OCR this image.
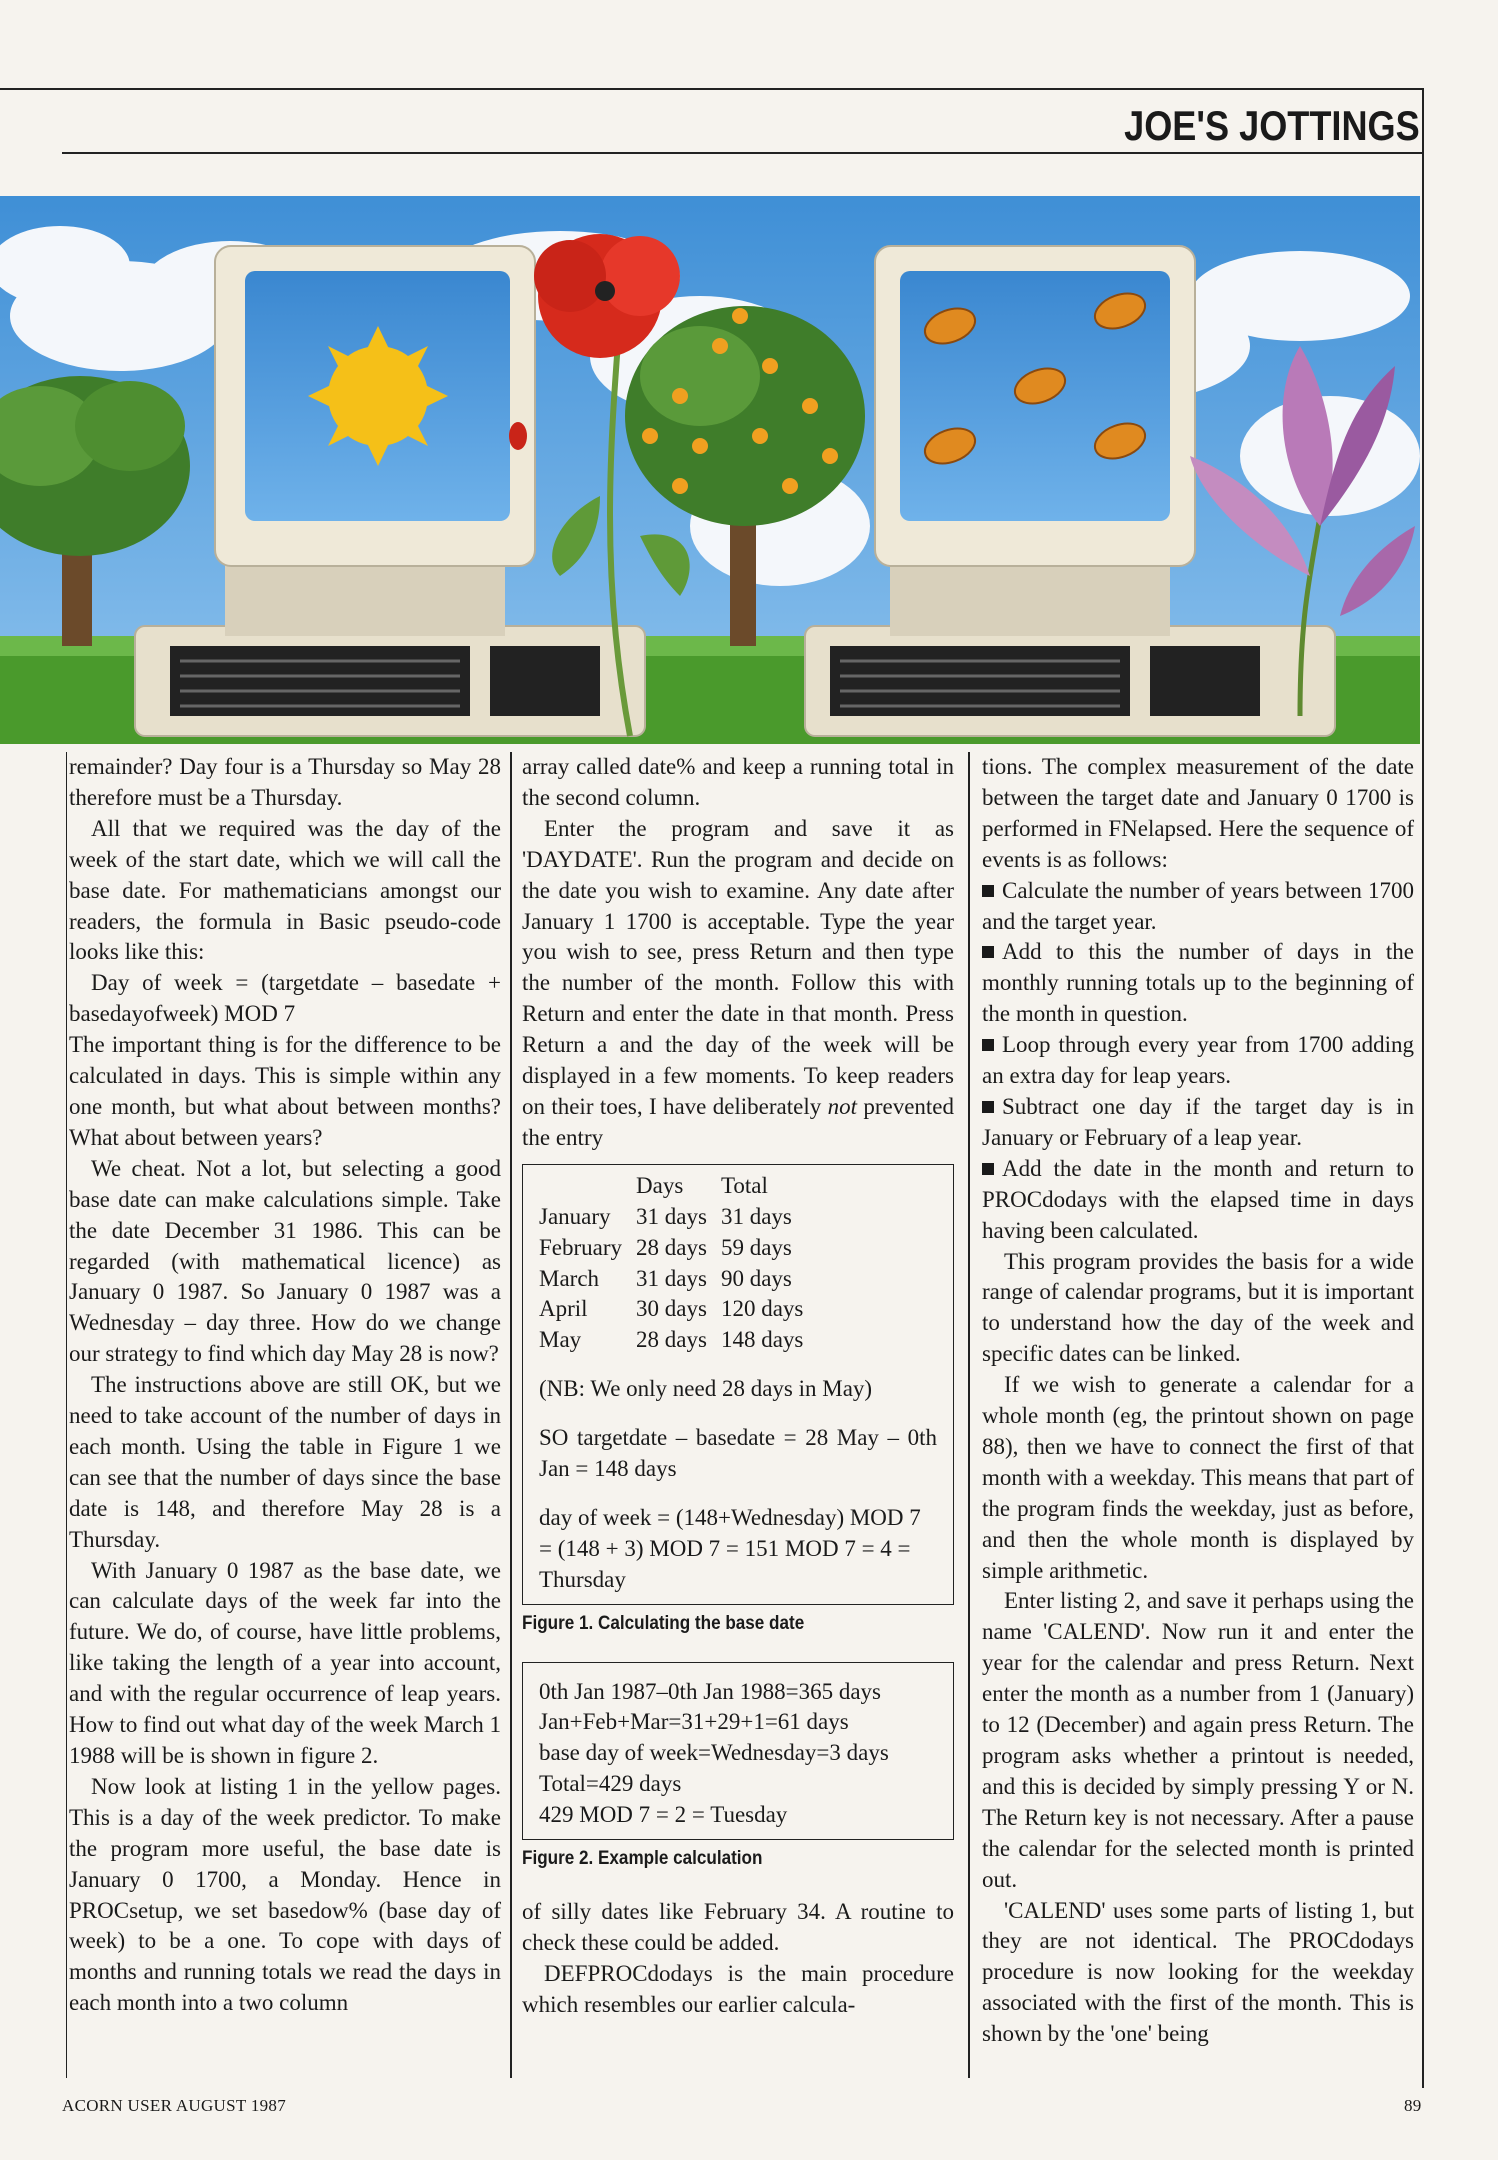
JOE'S JOTTINGS

remainder? Day four is a Thursday so May 28 therefore must be a Thursday.

All that we required was the day of the week of the start date, which we will call the base date. For mathematicians amongst our readers, the formula in Basic pseudo-code looks like this:

Day of week = (targetdate – basedate + basedayofweek) MOD 7

The important thing is for the difference to be calculated in days. This is simple within any one month, but what about between months? What about between years?

We cheat. Not a lot, but selecting a good base date can make calculations simple. Take the date December 31 1986. This can be regarded (with mathematical licence) as January 0 1987. So January 0 1987 was a Wednesday – day three. How do we change our strategy to find which day May 28 is now?

The instructions above are still OK, but we need to take account of the number of days in each month. Using the table in Figure 1 we can see that the number of days since the base date is 148, and therefore May 28 is a Thursday.

With January 0 1987 as the base date, we can calculate days of the week far into the future. We do, of course, have little problems, like taking the length of a year into account, and with the regular occurrence of leap years. How to find out what day of the week March 1 1988 will be is shown in figure 2.

Now look at listing 1 in the yellow pages. This is a day of the week predictor. To make the program more useful, the base date is January 0 1700, a Monday. Hence in PROCsetup, we set basedow% (base day of week) to be a one. To cope with days of months and running totals we read the days in each month into a two column

array called date% and keep a running total in the second column.

Enter the program and save it as 'DAYDATE'. Run the program and decide on the date you wish to examine. Any date after January 1 1700 is acceptable. Type the year you wish to see, press Return and then type the number of the month. Follow this with Return and enter the date in that month. Press Return a and the day of the week will be displayed in a few moments. To keep readers on their toes, I have deliberately not prevented the entry

	Days	Total
January	31 days	31 days
February	28 days	59 days
March	31 days	90 days
April	30 days	120 days
May	28 days	148 days
(NB: We only need 28 days in May)
SO targetdate – basedate = 28 May – 0th Jan = 148 days
day of week = (148+Wednesday) MOD 7 = (148 + 3) MOD 7 = 151 MOD 7 = 4 = Thursday
Figure 1. Calculating the base date
0th Jan 1987–0th Jan 1988=365 days
Jan+Feb+Mar=31+29+1=61 days
base day of week=Wednesday=3 days
Total=429 days
429 MOD 7 = 2 = Tuesday
Figure 2. Example calculation

of silly dates like February 34. A routine to check these could be added.

DEFPROCdodays is the main procedure which resembles our earlier calcula-

tions. The complex measurement of the date between the target date and January 0 1700 is performed in FNelapsed. Here the sequence of events is as follows:

Calculate the number of years between 1700 and the target year.

Add to this the number of days in the monthly running totals up to the beginning of the month in question.

Loop through every year from 1700 adding an extra day for leap years.

Subtract one day if the target day is in January or February of a leap year.

Add the date in the month and return to PROCdodays with the elapsed time in days having been calculated.

This program provides the basis for a wide range of calendar programs, but it is important to understand how the day of the week and specific dates can be linked.

If we wish to generate a calendar for a whole month (eg, the printout shown on page 88), then we have to connect the first of that month with a weekday. This means that part of the program finds the weekday, just as before, and then the whole month is displayed by simple arithmetic.

Enter listing 2, and save it perhaps using the name 'CALEND'. Now run it and enter the year for the calendar and press Return. Next enter the month as a number from 1 (January) to 12 (December) and again press Return. The program asks whether a printout is needed, and this is decided by simply pressing Y or N. The Return key is not necessary. After a pause the calendar for the selected month is printed out.

'CALEND' uses some parts of listing 1, but they are not identical. The PROCdodays procedure is now looking for the weekday associated with the first of the month. This is shown by the 'one' being

ACORN USER AUGUST 1987	89
